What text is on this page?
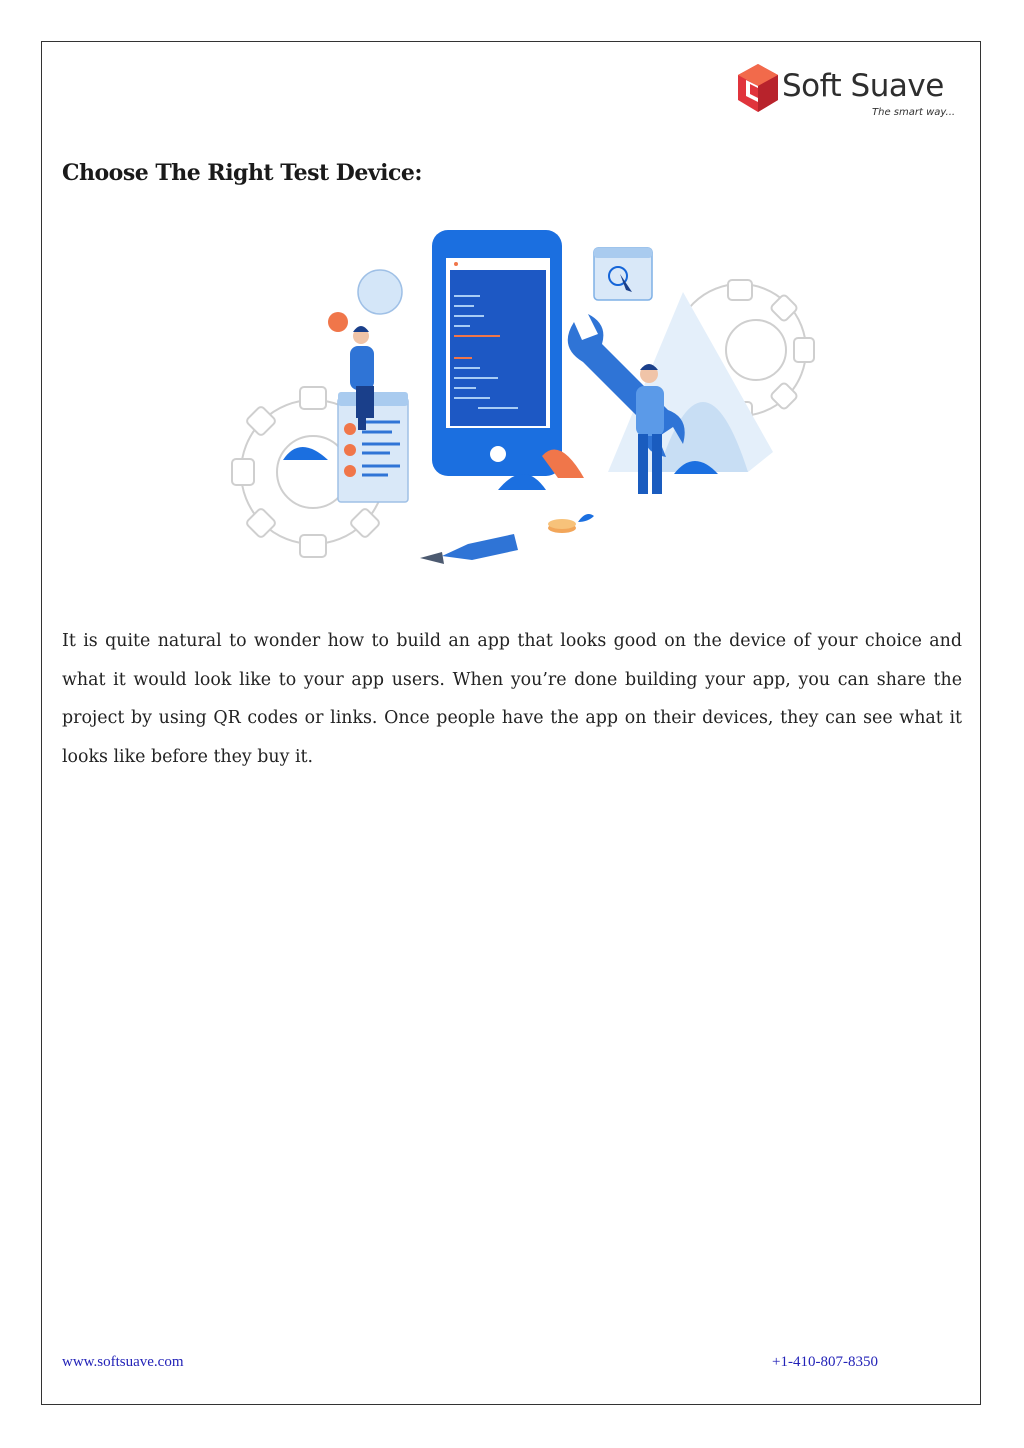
Soft Suave
The smart way...
Choose The Right Test Device:

It is quite natural to wonder how to build an app that looks good on the device of your choice and what it would look like to your app users. When you’re done building your app, you can share the project by using QR codes or links. Once people have the app on their devices, they can see what it looks like before they buy it.

www.softsuave.com	+1-410-807-8350
